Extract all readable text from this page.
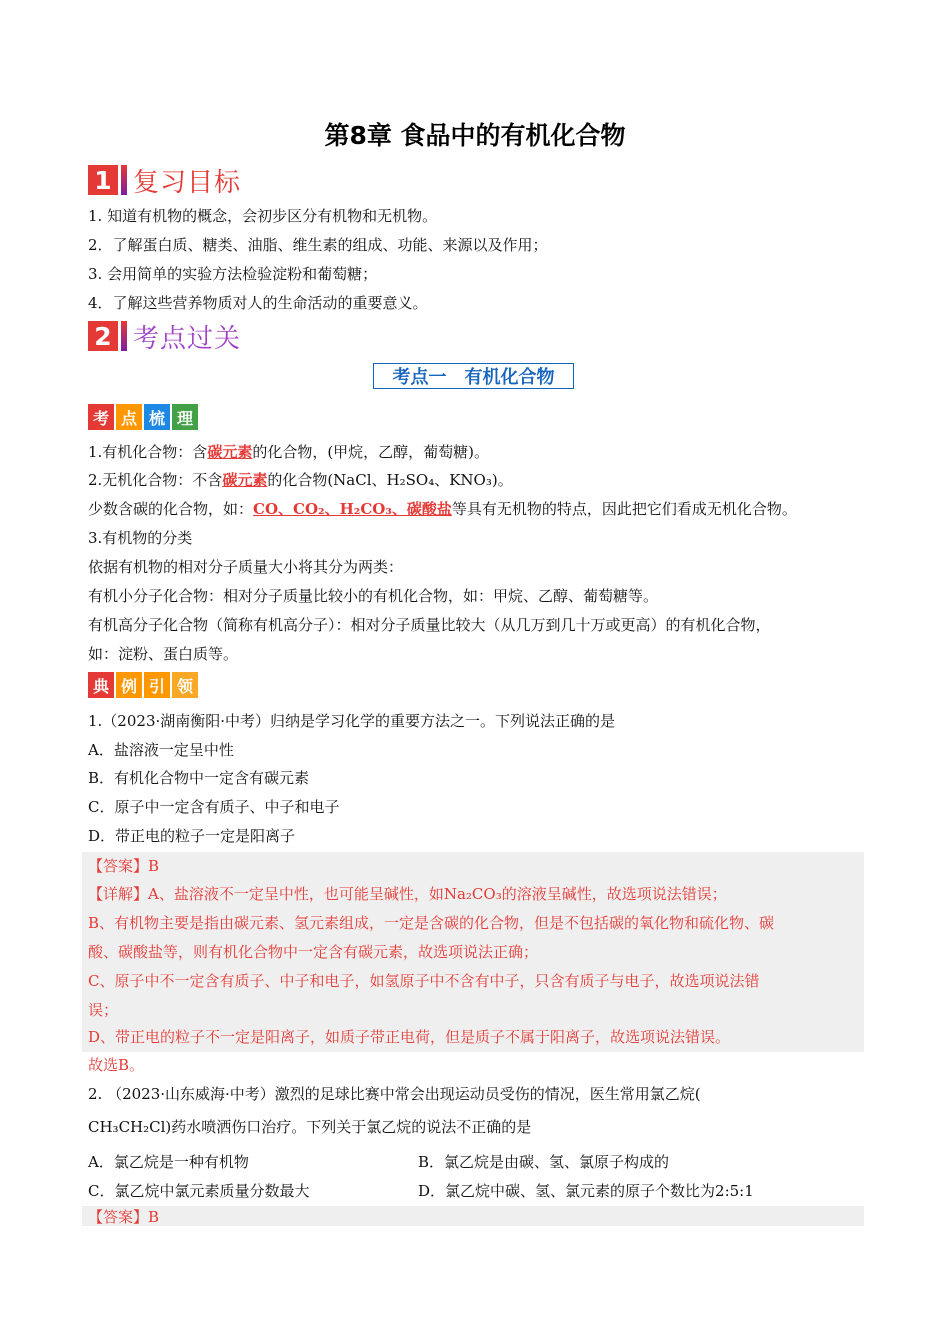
第8章 食品中的有机化合物
1 复习目标
1. 知道有机物的概念，会初步区分有机物和无机物。
2．了解蛋白质、糖类、油脂、维生素的组成、功能、来源以及作用；
3. 会用简单的实验方法检验淀粉和葡萄糖；
4．了解这些营养物质对人的生命活动的重要意义。
2 考点过关
考点一　有机化合物
考 点 梳 理
1.有机化合物：含碳元素的化合物，(甲烷，乙醇，葡萄糖)。
2.无机化合物：不含碳元素的化合物(NaCl、H₂SO₄、KNO₃)。
少数含碳的化合物，如：CO、CO₂、H₂CO₃、碳酸盐等具有无机物的特点，因此把它们看成无机化合物。
3.有机物的分类
依据有机物的相对分子质量大小将其分为两类：
有机小分子化合物：相对分子质量比较小的有机化合物，如：甲烷、乙醇、葡萄糖等。
有机高分子化合物（简称有机高分子）：相对分子质量比较大（从几万到几十万或更高）的有机化合物，
如：淀粉、蛋白质等。
典 例 引 领
1.（2023·湖南衡阳·中考）归纳是学习化学的重要方法之一。下列说法正确的是
A．盐溶液一定呈中性
B．有机化合物中一定含有碳元素
C．原子中一定含有质子、中子和电子
D．带正电的粒子一定是阳离子
【答案】B
【详解】A、盐溶液不一定呈中性，也可能呈碱性，如Na₂CO₃的溶液呈碱性，故选项说法错误；
B、有机物主要是指由碳元素、氢元素组成，一定是含碳的化合物，但是不包括碳的氧化物和硫化物、碳
酸、碳酸盐等，则有机化合物中一定含有碳元素，故选项说法正确；
C、原子中不一定含有质子、中子和电子，如氢原子中不含有中子，只含有质子与电子，故选项说法错
误；
D、带正电的粒子不一定是阳离子，如质子带正电荷，但是质子不属于阳离子，故选项说法错误。
故选B。
2. （2023·山东威海·中考）激烈的足球比赛中常会出现运动员受伤的情况，医生常用氯乙烷(
CH₃CH₂Cl)药水喷洒伤口治疗。下列关于氯乙烷的说法不正确的是
A．氯乙烷是一种有机物	B．氯乙烷是由碳、氢、氯原子构成的
C．氯乙烷中氯元素质量分数最大	D．氯乙烷中碳、氢、氯元素的原子个数比为2:5:1
【答案】B
